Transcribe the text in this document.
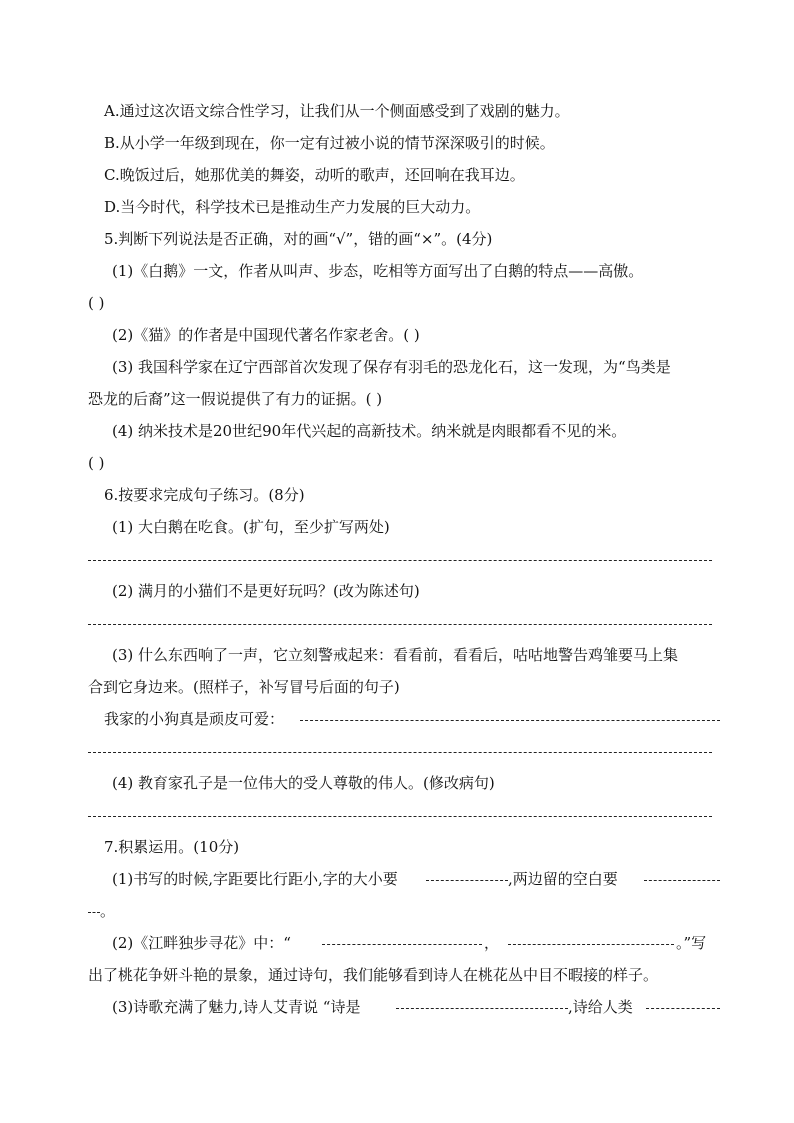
A.通过这次语文综合性学习，让我们从一个侧面感受到了戏剧的魅力。
B.从小学一年级到现在，你一定有过被小说的情节深深吸引的时候。
C.晚饭过后，她那优美的舞姿，动听的歌声，还回响在我耳边。
D.当今时代，科学技术已是推动生产力发展的巨大动力。
5.判断下列说法是否正确，对的画“√”，错的画“×”。(4分)
(1)《白鹅》一文，作者从叫声、步态，吃相等方面写出了白鹅的特点——高傲。
( )
(2)《猫》的作者是中国现代著名作家老舍。( )
(3) 我国科学家在辽宁西部首次发现了保存有羽毛的恐龙化石，这一发现，为“鸟类是
恐龙的后裔”这一假说提供了有力的证据。( )
(4) 纳米技术是20世纪90年代兴起的高新技术。纳米就是肉眼都看不见的米。
( )
6.按要求完成句子练习。(8分)
(1) 大白鹅在吃食。(扩句，至少扩写两处)
(2) 满月的小猫们不是更好玩吗？(改为陈述句)
(3) 什么东西响了一声，它立刻警戒起来：看看前，看看后，咕咕地警告鸡雏要马上集
合到它身边来。(照样子，补写冒号后面的句子)
我家的小狗真是顽皮可爱：
(4) 教育家孔子是一位伟大的受人尊敬的伟人。(修改病句)
7.积累运用。(10分)
(1)书写的时候,字距要比行距小,字的大小要	,两边留的空白要
。
(2)《江畔独步寻花》中：“	，	。”写
出了桃花争妍斗艳的景象，通过诗句，我们能够看到诗人在桃花丛中目不暇接的样子。
(3)诗歌充满了魅力,诗人艾青说 “诗是	,诗给人类
